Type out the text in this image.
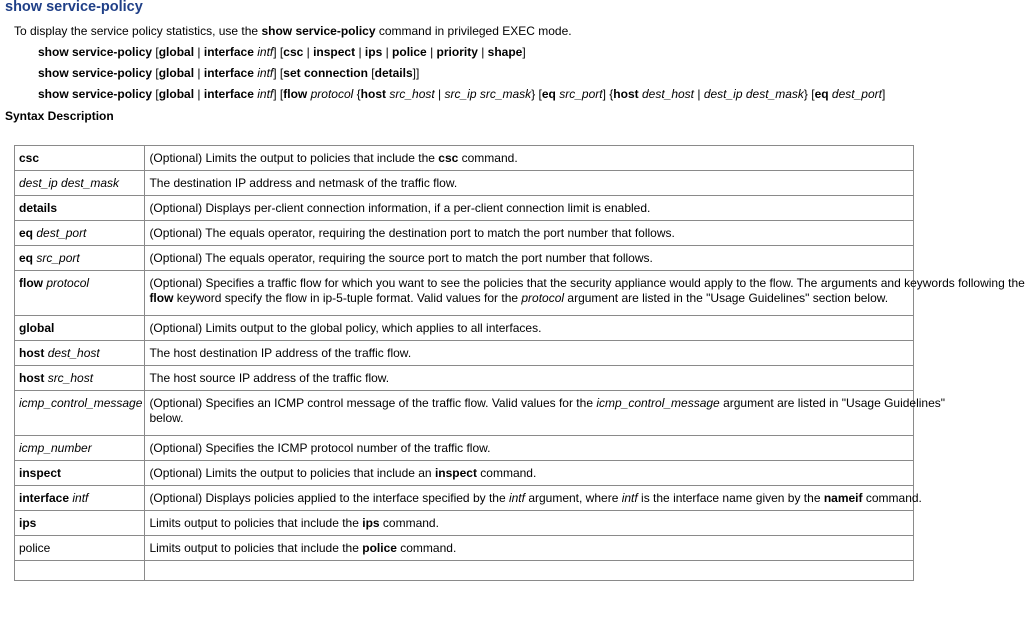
show service-policy
To display the service policy statistics, use the show service-policy command in privileged EXEC mode.
show service-policy [global | interface intf] [csc | inspect | ips | police | priority | shape]
show service-policy [global | interface intf] [set connection [details]]
show service-policy [global | interface intf] [flow protocol {host src_host | src_ip src_mask} [eq src_port] {host dest_host | dest_ip dest_mask} [eq dest_port]
Syntax Description
csc	(Optional) Limits the output to policies that include the csc command.
dest_ip dest_mask	The destination IP address and netmask of the traffic flow.
details	(Optional) Displays per-client connection information, if a per-client connection limit is enabled.
eq dest_port	(Optional) The equals operator, requiring the destination port to match the port number that follows.
eq src_port	(Optional) The equals operator, requiring the source port to match the port number that follows.
flow protocol	(Optional) Specifies a traffic flow for which you want to see the policies that the security appliance would apply to the flow. The arguments and keywords following the
flow keyword specify the flow in ip-5-tuple format. Valid values for the protocol argument are listed in the "Usage Guidelines" section below.
global	(Optional) Limits output to the global policy, which applies to all interfaces.
host dest_host	The host destination IP address of the traffic flow.
host src_host	The host source IP address of the traffic flow.
icmp_control_message	(Optional) Specifies an ICMP control message of the traffic flow. Valid values for the icmp_control_message argument are listed in "Usage Guidelines"
below.
icmp_number	(Optional) Specifies the ICMP protocol number of the traffic flow.
inspect	(Optional) Limits the output to policies that include an inspect command.
interface intf	(Optional) Displays policies applied to the interface specified by the intf argument, where intf is the interface name given by the nameif command.
ips	Limits output to policies that include the ips command.
police	Limits output to policies that include the police command.
